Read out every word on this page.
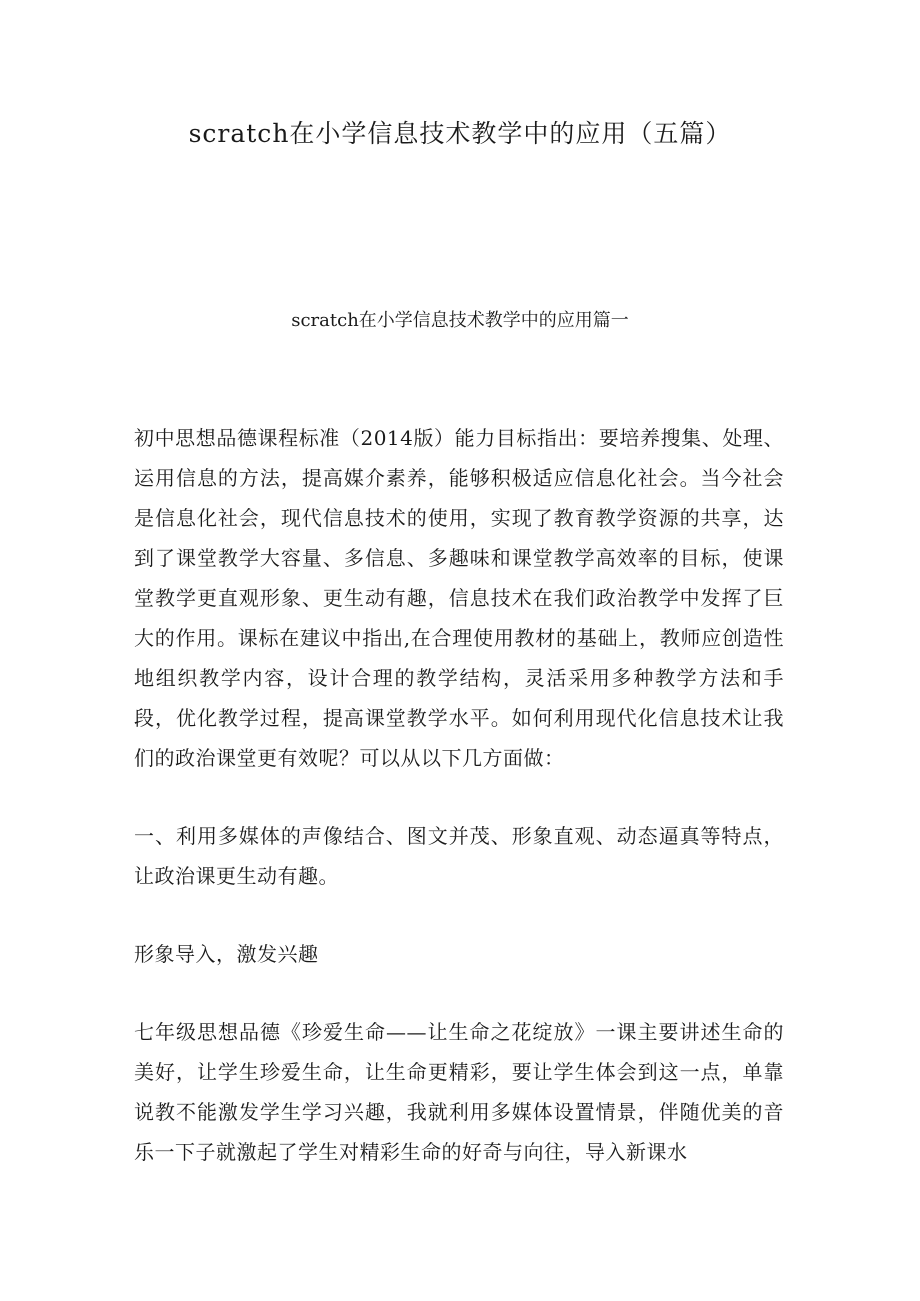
scratch在小学信息技术教学中的应用（五篇）
scratch在小学信息技术教学中的应用篇一

初中思想品德课程标准（2014版）能力目标指出：要培养搜集、处理、运用信息的方法，提高媒介素养，能够积极适应信息化社会。当今社会是信息化社会，现代信息技术的使用，实现了教育教学资源的共享，达到了课堂教学大容量、多信息、多趣味和课堂教学高效率的目标，使课堂教学更直观形象、更生动有趣，信息技术在我们政治教学中发挥了巨大的作用。课标在建议中指出,在合理使用教材的基础上，教师应创造性地组织教学内容，设计合理的教学结构，灵活采用多种教学方法和手段，优化教学过程，提高课堂教学水平。如何利用现代化信息技术让我们的政治课堂更有效呢？可以从以下几方面做：

一、利用多媒体的声像结合、图文并茂、形象直观、动态逼真等特点，让政治课更生动有趣。

形象导入，激发兴趣

七年级思想品德《珍爱生命——让生命之花绽放》一课主要讲述生命的美好，让学生珍爱生命，让生命更精彩，要让学生体会到这一点，单靠说教不能激发学生学习兴趣，我就利用多媒体设置情景，伴随优美的音乐一下子就激起了学生对精彩生命的好奇与向往，导入新课水
